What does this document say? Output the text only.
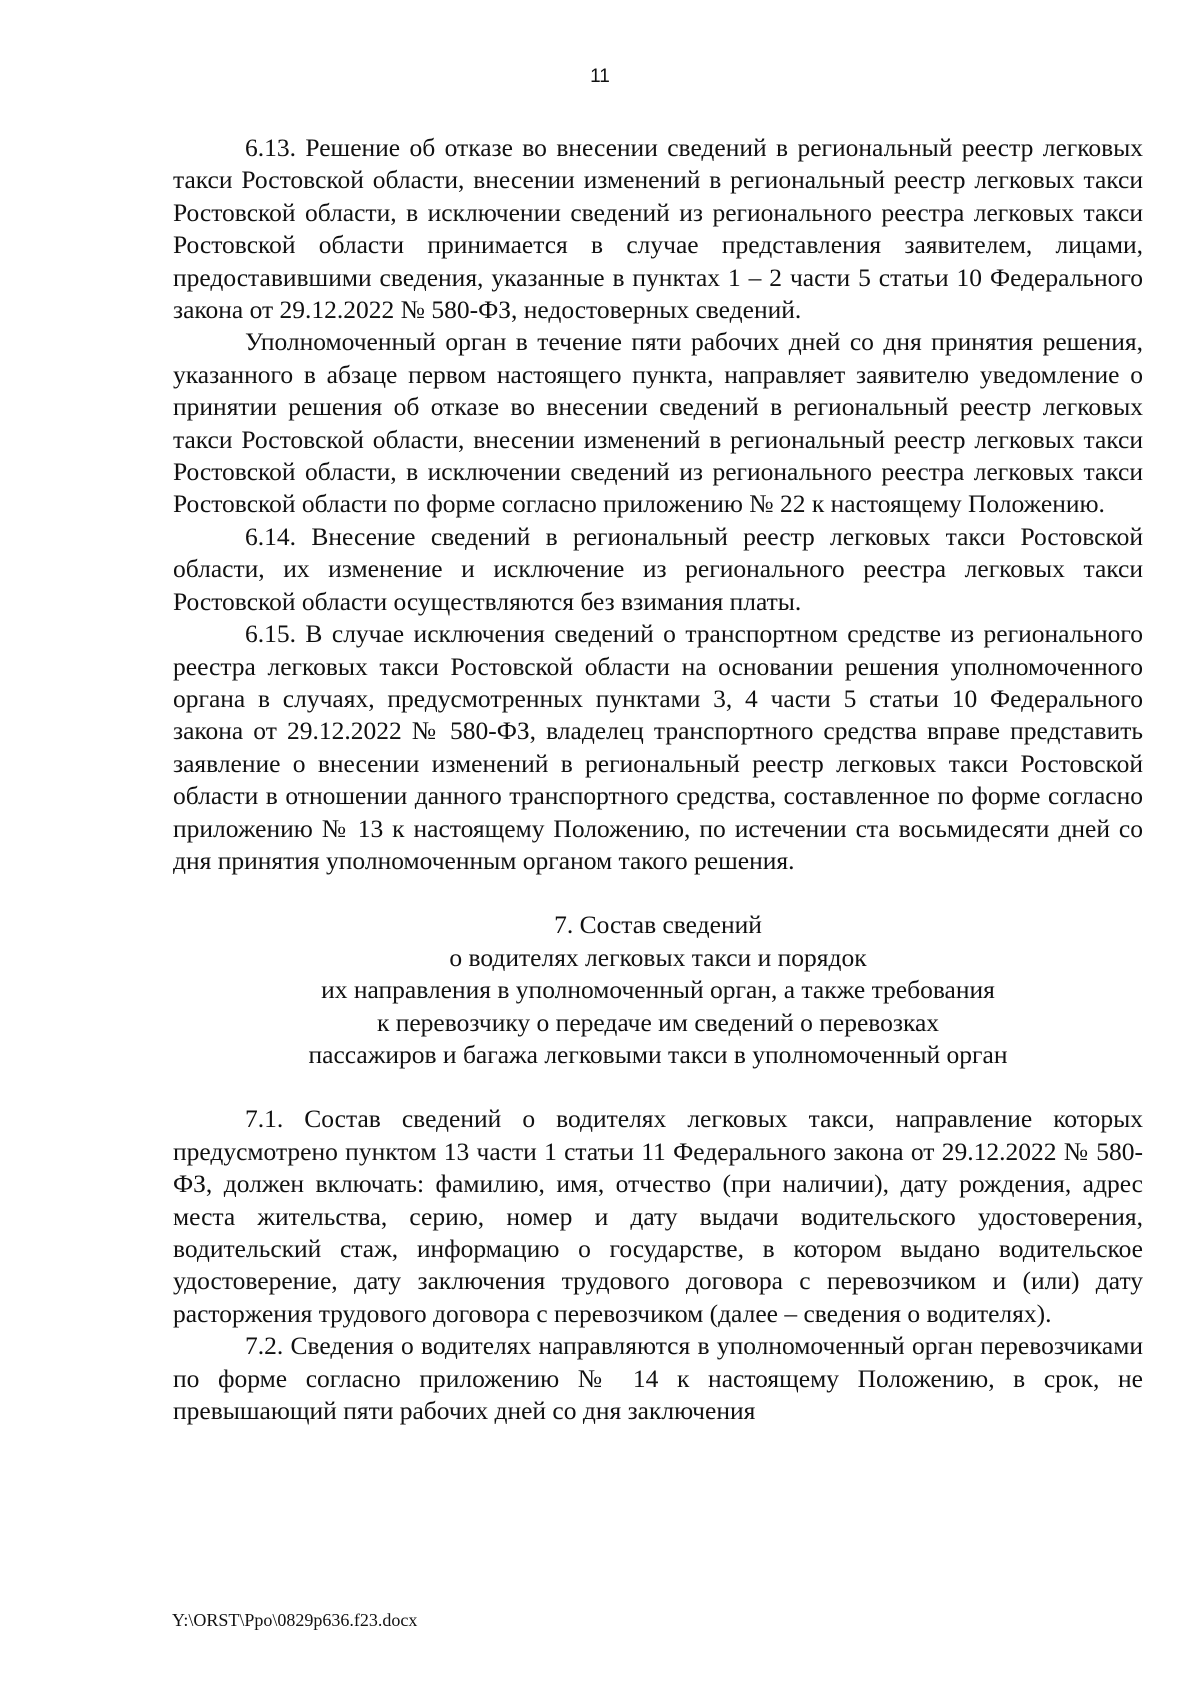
11

6.13. Решение об отказе во внесении сведений в региональный реестр легковых такси Ростовской области, внесении изменений в региональный реестр легковых такси Ростовской области, в исключении сведений из регионального реестра легковых такси Ростовской области принимается в случае представления заявителем, лицами, предоставившими сведения, указанные в пунктах 1 – 2 части 5 статьи 10 Федерального закона от 29.12.2022 № 580-ФЗ, недостоверных сведений.

Уполномоченный орган в течение пяти рабочих дней со дня принятия решения, указанного в абзаце первом настоящего пункта, направляет заявителю уведомление о принятии решения об отказе во внесении сведений в региональный реестр легковых такси Ростовской области, внесении изменений в региональный реестр легковых такси Ростовской области, в исключении сведений из регионального реестра легковых такси Ростовской области по форме согласно приложению № 22 к настоящему Положению.

6.14. Внесение сведений в региональный реестр легковых такси Ростовской области, их изменение и исключение из регионального реестра легковых такси Ростовской области осуществляются без взимания платы.

6.15. В случае исключения сведений о транспортном средстве из регионального реестра легковых такси Ростовской области на основании решения уполномоченного органа в случаях, предусмотренных пунктами 3, 4 части 5 статьи 10 Федерального закона от 29.12.2022 № 580-ФЗ, владелец транспортного средства вправе представить заявление о внесении изменений в региональный реестр легковых такси Ростовской области в отношении данного транспортного средства, составленное по форме согласно приложению № 13 к настоящему Положению, по истечении ста восьмидесяти дней со дня принятия уполномоченным органом такого решения.

7. Состав сведений
о водителях легковых такси и порядок
их направления в уполномоченный орган, а также требования
к перевозчику о передаче им сведений о перевозках
пассажиров и багажа легковыми такси в уполномоченный орган

7.1. Состав сведений о водителях легковых такси, направление которых предусмотрено пунктом 13 части 1 статьи 11 Федерального закона от 29.12.2022 № 580-ФЗ, должен включать: фамилию, имя, отчество (при наличии), дату рождения, адрес места жительства, серию, номер и дату выдачи водительского удостоверения, водительский стаж, информацию о государстве, в котором выдано водительское удостоверение, дату заключения трудового договора с перевозчиком и (или) дату расторжения трудового договора с перевозчиком (далее – сведения о водителях).

7.2. Сведения о водителях направляются в уполномоченный орган перевозчиками по форме согласно приложению № 14 к настоящему Положению, в срок, не превышающий пяти рабочих дней со дня заключения

Y:\ORST\Ppo\0829p636.f23.docx
